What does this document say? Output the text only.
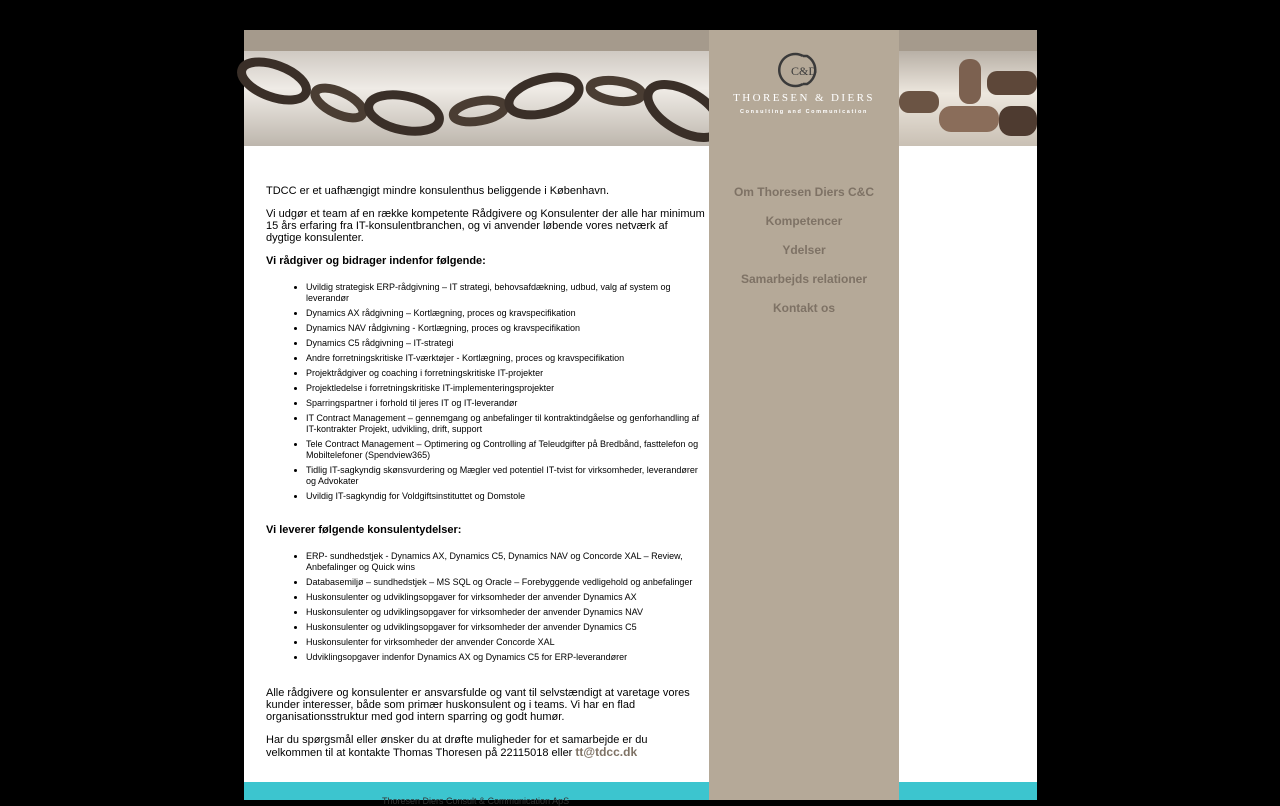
C&D
THORESEN & DIERS
Consulting and Communication
Om Thoresen Diers C&C
Kompetencer
Ydelser
Samarbejds relationer
Kontakt os

TDCC er et uafhængigt mindre konsulenthus beliggende i København.

Vi udgør et team af en række kompetente Rådgivere og Konsulenter der alle har minimum 15 års erfaring fra IT-konsulentbranchen, og vi anvender løbende vores netværk af dygtige konsulenter.

Vi rådgiver og bidrager indenfor følgende:

• Uvildig strategisk ERP-rådgivning – IT strategi, behovsafdækning, udbud, valg af system og leverandør
• Dynamics AX rådgivning – Kortlægning, proces og kravspecifikation
• Dynamics NAV rådgivning - Kortlægning, proces og kravspecifikation
• Dynamics C5 rådgivning – IT-strategi
• Andre forretningskritiske IT-værktøjer - Kortlægning, proces og kravspecifikation
• Projektrådgiver og coaching i forretningskritiske IT-projekter
• Projektledelse i forretningskritiske IT-implementeringsprojekter
• Sparringspartner i forhold til jeres IT og IT-leverandør
• IT Contract Management – gennemgang og anbefalinger til kontraktindgåelse og genforhandling af IT-kontrakter Projekt, udvikling, drift, support
• Tele Contract Management – Optimering og Controlling af Teleudgifter på Bredbånd, fasttelefon og Mobiltelefoner (Spendview365)
• Tidlig IT-sagkyndig skønsvurdering og Mægler ved potentiel IT-tvist for virksomheder, leverandører og Advokater
• Uvildig IT-sagkyndig for Voldgiftsinstituttet og Domstole

Vi leverer følgende konsulentydelser:

• ERP- sundhedstjek - Dynamics AX, Dynamics C5, Dynamics NAV og Concorde XAL – Review, Anbefalinger og Quick wins
• Databasemiljø – sundhedstjek – MS SQL og Oracle – Forebyggende vedligehold og anbefalinger
• Huskonsulenter og udviklingsopgaver for virksomheder der anvender Dynamics AX
• Huskonsulenter og udviklingsopgaver for virksomheder der anvender Dynamics NAV
• Huskonsulenter og udviklingsopgaver for virksomheder der anvender Dynamics C5
• Huskonsulenter for virksomheder der anvender Concorde XAL
• Udviklingsopgaver indenfor Dynamics AX og Dynamics C5 for ERP-leverandører

Alle rådgivere og konsulenter er ansvarsfulde og vant til selvstændigt at varetage vores kunder interesser, både som primær huskonsulent og i teams. Vi har en flad organisationsstruktur med god intern sparring og godt humør.

Har du spørgsmål eller ønsker du at drøfte muligheder for et samarbejde er du velkommen til at kontakte Thomas Thoresen på 22115018 eller tt@tdcc.dk

Thoresen Diers Consult & Communication ApS
